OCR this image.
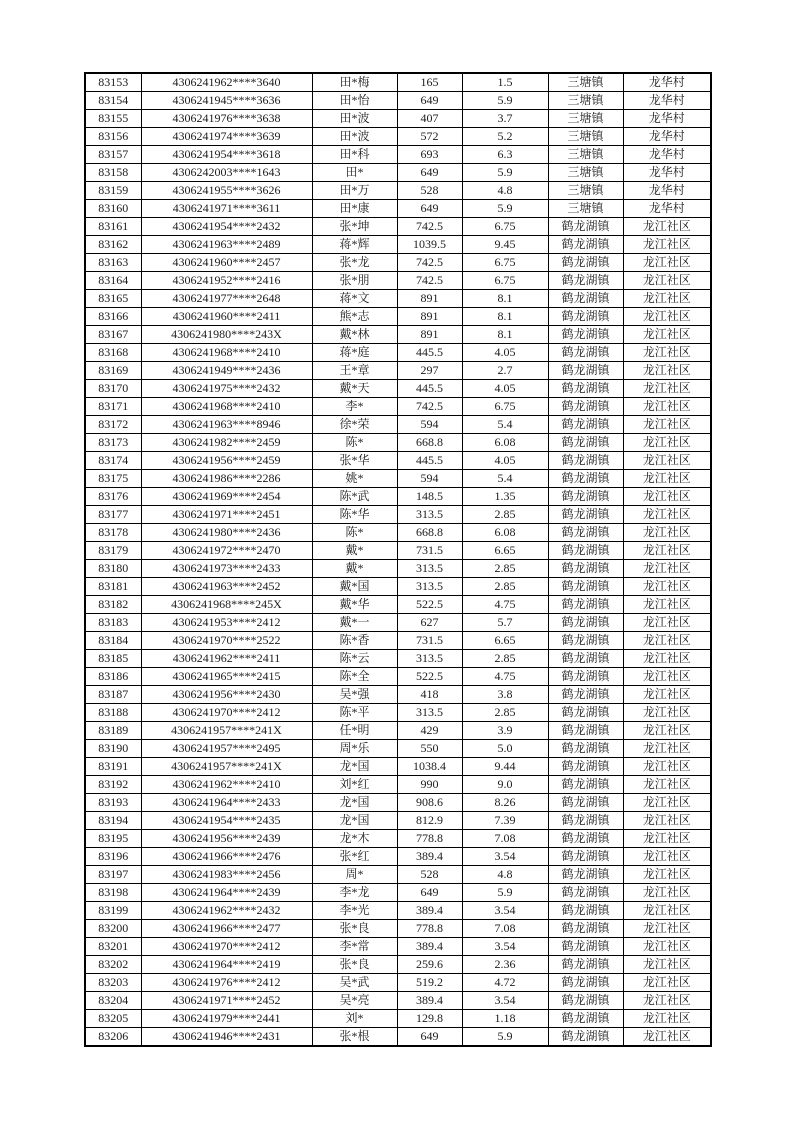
83153	4306241962****3640	田*梅	165	1.5	三塘镇	龙华村
83154	4306241945****3636	田*怡	649	5.9	三塘镇	龙华村
83155	4306241976****3638	田*波	407	3.7	三塘镇	龙华村
83156	4306241974****3639	田*波	572	5.2	三塘镇	龙华村
83157	4306241954****3618	田*科	693	6.3	三塘镇	龙华村
83158	4306242003****1643	田*	649	5.9	三塘镇	龙华村
83159	4306241955****3626	田*万	528	4.8	三塘镇	龙华村
83160	4306241971****3611	田*康	649	5.9	三塘镇	龙华村
83161	4306241954****2432	张*坤	742.5	6.75	鹤龙湖镇	龙江社区
83162	4306241963****2489	蒋*辉	1039.5	9.45	鹤龙湖镇	龙江社区
83163	4306241960****2457	张*龙	742.5	6.75	鹤龙湖镇	龙江社区
83164	4306241952****2416	张*朋	742.5	6.75	鹤龙湖镇	龙江社区
83165	4306241977****2648	蒋*文	891	8.1	鹤龙湖镇	龙江社区
83166	4306241960****2411	熊*志	891	8.1	鹤龙湖镇	龙江社区
83167	4306241980****243X	戴*林	891	8.1	鹤龙湖镇	龙江社区
83168	4306241968****2410	蒋*庭	445.5	4.05	鹤龙湖镇	龙江社区
83169	4306241949****2436	王*章	297	2.7	鹤龙湖镇	龙江社区
83170	4306241975****2432	戴*天	445.5	4.05	鹤龙湖镇	龙江社区
83171	4306241968****2410	李*	742.5	6.75	鹤龙湖镇	龙江社区
83172	4306241963****8946	徐*荣	594	5.4	鹤龙湖镇	龙江社区
83173	4306241982****2459	陈*	668.8	6.08	鹤龙湖镇	龙江社区
83174	4306241956****2459	张*华	445.5	4.05	鹤龙湖镇	龙江社区
83175	4306241986****2286	姚*	594	5.4	鹤龙湖镇	龙江社区
83176	4306241969****2454	陈*武	148.5	1.35	鹤龙湖镇	龙江社区
83177	4306241971****2451	陈*华	313.5	2.85	鹤龙湖镇	龙江社区
83178	4306241980****2436	陈*	668.8	6.08	鹤龙湖镇	龙江社区
83179	4306241972****2470	戴*	731.5	6.65	鹤龙湖镇	龙江社区
83180	4306241973****2433	戴*	313.5	2.85	鹤龙湖镇	龙江社区
83181	4306241963****2452	戴*国	313.5	2.85	鹤龙湖镇	龙江社区
83182	4306241968****245X	戴*华	522.5	4.75	鹤龙湖镇	龙江社区
83183	4306241953****2412	戴*一	627	5.7	鹤龙湖镇	龙江社区
83184	4306241970****2522	陈*香	731.5	6.65	鹤龙湖镇	龙江社区
83185	4306241962****2411	陈*云	313.5	2.85	鹤龙湖镇	龙江社区
83186	4306241965****2415	陈*全	522.5	4.75	鹤龙湖镇	龙江社区
83187	4306241956****2430	吴*强	418	3.8	鹤龙湖镇	龙江社区
83188	4306241970****2412	陈*平	313.5	2.85	鹤龙湖镇	龙江社区
83189	4306241957****241X	任*明	429	3.9	鹤龙湖镇	龙江社区
83190	4306241957****2495	周*乐	550	5.0	鹤龙湖镇	龙江社区
83191	4306241957****241X	龙*国	1038.4	9.44	鹤龙湖镇	龙江社区
83192	4306241962****2410	刘*红	990	9.0	鹤龙湖镇	龙江社区
83193	4306241964****2433	龙*国	908.6	8.26	鹤龙湖镇	龙江社区
83194	4306241954****2435	龙*国	812.9	7.39	鹤龙湖镇	龙江社区
83195	4306241956****2439	龙*木	778.8	7.08	鹤龙湖镇	龙江社区
83196	4306241966****2476	张*红	389.4	3.54	鹤龙湖镇	龙江社区
83197	4306241983****2456	周*	528	4.8	鹤龙湖镇	龙江社区
83198	4306241964****2439	李*龙	649	5.9	鹤龙湖镇	龙江社区
83199	4306241962****2432	李*光	389.4	3.54	鹤龙湖镇	龙江社区
83200	4306241966****2477	张*良	778.8	7.08	鹤龙湖镇	龙江社区
83201	4306241970****2412	李*常	389.4	3.54	鹤龙湖镇	龙江社区
83202	4306241964****2419	张*良	259.6	2.36	鹤龙湖镇	龙江社区
83203	4306241976****2412	吴*武	519.2	4.72	鹤龙湖镇	龙江社区
83204	4306241971****2452	吴*亮	389.4	3.54	鹤龙湖镇	龙江社区
83205	4306241979****2441	刘*	129.8	1.18	鹤龙湖镇	龙江社区
83206	4306241946****2431	张*根	649	5.9	鹤龙湖镇	龙江社区
